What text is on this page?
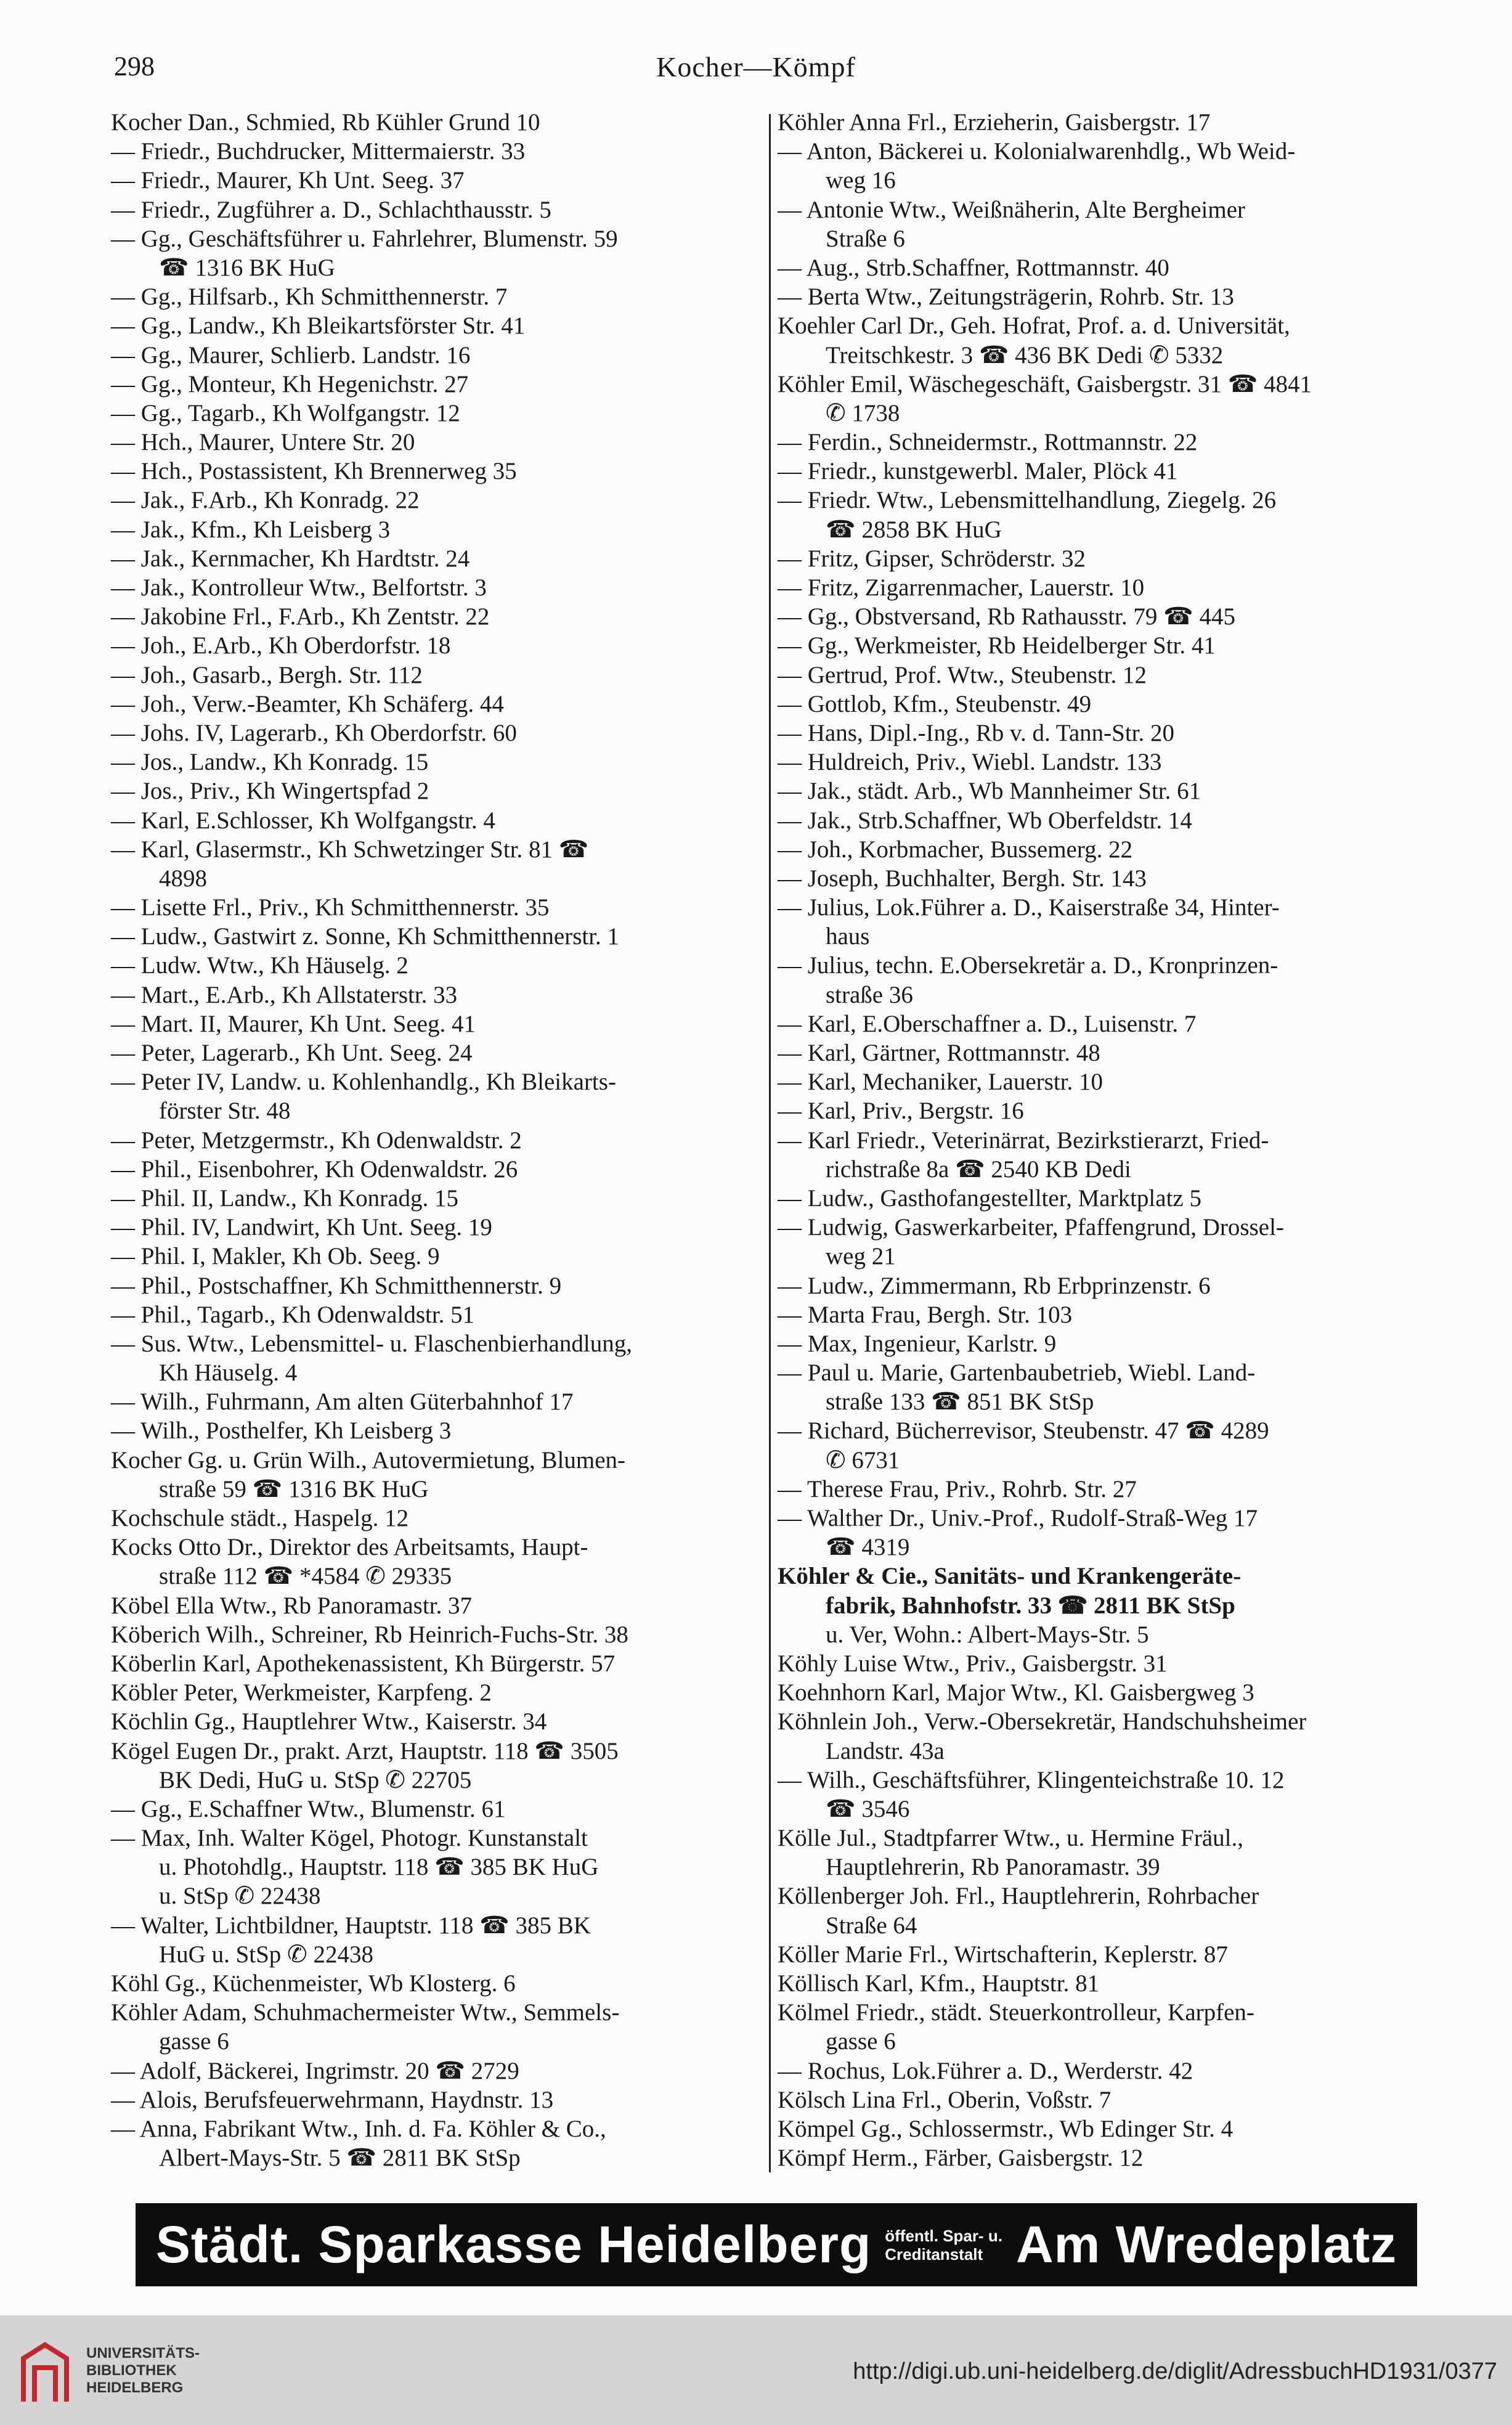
298	Kocher—Kömpf
Kocher Dan., Schmied, Rb Kühler Grund 10
— Friedr., Buchdrucker, Mittermaierstr. 33
— Friedr., Maurer, Kh Unt. Seeg. 37
— Friedr., Zugführer a. D., Schlachthausstr. 5
— Gg., Geschäftsführer u. Fahrlehrer, Blumenstr. 59
☎ 1316 BK HuG
— Gg., Hilfsarb., Kh Schmitthennerstr. 7
— Gg., Landw., Kh Bleikartsförster Str. 41
— Gg., Maurer, Schlierb. Landstr. 16
— Gg., Monteur, Kh Hegenichstr. 27
— Gg., Tagarb., Kh Wolfgangstr. 12
— Hch., Maurer, Untere Str. 20
— Hch., Postassistent, Kh Brennerweg 35
— Jak., F.Arb., Kh Konradg. 22
— Jak., Kfm., Kh Leisberg 3
— Jak., Kernmacher, Kh Hardtstr. 24
— Jak., Kontrolleur Wtw., Belfortstr. 3
— Jakobine Frl., F.Arb., Kh Zentstr. 22
— Joh., E.Arb., Kh Oberdorfstr. 18
— Joh., Gasarb., Bergh. Str. 112
— Joh., Verw.-Beamter, Kh Schäferg. 44
— Johs. IV, Lagerarb., Kh Oberdorfstr. 60
— Jos., Landw., Kh Konradg. 15
— Jos., Priv., Kh Wingertspfad 2
— Karl, E.Schlosser, Kh Wolfgangstr. 4
— Karl, Glasermstr., Kh Schwetzinger Str. 81 ☎
4898
— Lisette Frl., Priv., Kh Schmitthennerstr. 35
— Ludw., Gastwirt z. Sonne, Kh Schmitthennerstr. 1
— Ludw. Wtw., Kh Häuselg. 2
— Mart., E.Arb., Kh Allstaterstr. 33
— Mart. II, Maurer, Kh Unt. Seeg. 41
— Peter, Lagerarb., Kh Unt. Seeg. 24
— Peter IV, Landw. u. Kohlenhandlg., Kh Bleikarts-
förster Str. 48
— Peter, Metzgermstr., Kh Odenwaldstr. 2
— Phil., Eisenbohrer, Kh Odenwaldstr. 26
— Phil. II, Landw., Kh Konradg. 15
— Phil. IV, Landwirt, Kh Unt. Seeg. 19
— Phil. I, Makler, Kh Ob. Seeg. 9
— Phil., Postschaffner, Kh Schmitthennerstr. 9
— Phil., Tagarb., Kh Odenwaldstr. 51
— Sus. Wtw., Lebensmittel- u. Flaschenbierhandlung,
Kh Häuselg. 4
— Wilh., Fuhrmann, Am alten Güterbahnhof 17
— Wilh., Posthelfer, Kh Leisberg 3
Kocher Gg. u. Grün Wilh., Autovermietung, Blumen-
straße 59 ☎ 1316 BK HuG
Kochschule städt., Haspelg. 12
Kocks Otto Dr., Direktor des Arbeitsamts, Haupt-
straße 112 ☎ *4584 ✆ 29335
Köbel Ella Wtw., Rb Panoramastr. 37
Köberich Wilh., Schreiner, Rb Heinrich-Fuchs-Str. 38
Köberlin Karl, Apothekenassistent, Kh Bürgerstr. 57
Köbler Peter, Werkmeister, Karpfeng. 2
Köchlin Gg., Hauptlehrer Wtw., Kaiserstr. 34
Kögel Eugen Dr., prakt. Arzt, Hauptstr. 118 ☎ 3505
BK Dedi, HuG u. StSp ✆ 22705
— Gg., E.Schaffner Wtw., Blumenstr. 61
— Max, Inh. Walter Kögel, Photogr. Kunstanstalt
u. Photohdlg., Hauptstr. 118 ☎ 385 BK HuG
u. StSp ✆ 22438
— Walter, Lichtbildner, Hauptstr. 118 ☎ 385 BK
HuG u. StSp ✆ 22438
Köhl Gg., Küchenmeister, Wb Klosterg. 6
Köhler Adam, Schuhmachermeister Wtw., Semmels-
gasse 6
— Adolf, Bäckerei, Ingrimstr. 20 ☎ 2729
— Alois, Berufsfeuerwehrmann, Haydnstr. 13
— Anna, Fabrikant Wtw., Inh. d. Fa. Köhler & Co.,
Albert-Mays-Str. 5 ☎ 2811 BK StSp
Köhler Anna Frl., Erzieherin, Gaisbergstr. 17
— Anton, Bäckerei u. Kolonialwarenhdlg., Wb Weid-
weg 16
— Antonie Wtw., Weißnäherin, Alte Bergheimer
Straße 6
— Aug., Strb.Schaffner, Rottmannstr. 40
— Berta Wtw., Zeitungsträgerin, Rohrb. Str. 13
Koehler Carl Dr., Geh. Hofrat, Prof. a. d. Universität,
Treitschkestr. 3 ☎ 436 BK Dedi ✆ 5332
Köhler Emil, Wäschegeschäft, Gaisbergstr. 31 ☎ 4841
✆ 1738
— Ferdin., Schneidermstr., Rottmannstr. 22
— Friedr., kunstgewerbl. Maler, Plöck 41
— Friedr. Wtw., Lebensmittelhandlung, Ziegelg. 26
☎ 2858 BK HuG
— Fritz, Gipser, Schröderstr. 32
— Fritz, Zigarrenmacher, Lauerstr. 10
— Gg., Obstversand, Rb Rathausstr. 79 ☎ 445
— Gg., Werkmeister, Rb Heidelberger Str. 41
— Gertrud, Prof. Wtw., Steubenstr. 12
— Gottlob, Kfm., Steubenstr. 49
— Hans, Dipl.-Ing., Rb v. d. Tann-Str. 20
— Huldreich, Priv., Wiebl. Landstr. 133
— Jak., städt. Arb., Wb Mannheimer Str. 61
— Jak., Strb.Schaffner, Wb Oberfeldstr. 14
— Joh., Korbmacher, Bussemerg. 22
— Joseph, Buchhalter, Bergh. Str. 143
— Julius, Lok.Führer a. D., Kaiserstraße 34, Hinter-
haus
— Julius, techn. E.Obersekretär a. D., Kronprinzen-
straße 36
— Karl, E.Oberschaffner a. D., Luisenstr. 7
— Karl, Gärtner, Rottmannstr. 48
— Karl, Mechaniker, Lauerstr. 10
— Karl, Priv., Bergstr. 16
— Karl Friedr., Veterinärrat, Bezirkstierarzt, Fried-
richstraße 8a ☎ 2540 KB Dedi
— Ludw., Gasthofangestellter, Marktplatz 5
— Ludwig, Gaswerkarbeiter, Pfaffengrund, Drossel-
weg 21
— Ludw., Zimmermann, Rb Erbprinzenstr. 6
— Marta Frau, Bergh. Str. 103
— Max, Ingenieur, Karlstr. 9
— Paul u. Marie, Gartenbaubetrieb, Wiebl. Land-
straße 133 ☎ 851 BK StSp
— Richard, Bücherrevisor, Steubenstr. 47 ☎ 4289
✆ 6731
— Therese Frau, Priv., Rohrb. Str. 27
— Walther Dr., Univ.-Prof., Rudolf-Straß-Weg 17
☎ 4319
Köhler & Cie., Sanitäts- und Krankengeräte-
fabrik, Bahnhofstr. 33 ☎ 2811 BK StSp
u. Ver, Wohn.: Albert-Mays-Str. 5
Köhly Luise Wtw., Priv., Gaisbergstr. 31
Koehnhorn Karl, Major Wtw., Kl. Gaisbergweg 3
Köhnlein Joh., Verw.-Obersekretär, Handschuhsheimer
Landstr. 43a
— Wilh., Geschäftsführer, Klingenteichstraße 10. 12
☎ 3546
Kölle Jul., Stadtpfarrer Wtw., u. Hermine Fräul.,
Hauptlehrerin, Rb Panoramastr. 39
Köllenberger Joh. Frl., Hauptlehrerin, Rohrbacher
Straße 64
Köller Marie Frl., Wirtschafterin, Keplerstr. 87
Köllisch Karl, Kfm., Hauptstr. 81
Kölmel Friedr., städt. Steuerkontrolleur, Karpfen-
gasse 6
— Rochus, Lok.Führer a. D., Werderstr. 42
Kölsch Lina Frl., Oberin, Voßstr. 7
Kömpel Gg., Schlossermstr., Wb Edinger Str. 4
Kömpf Herm., Färber, Gaisbergstr. 12
Städt. Sparkasse Heidelberg öffentl. Spar- u.
Creditanstalt Am Wredeplatz
UNIVERSITÄTS-
BIBLIOTHEK
HEIDELBERG
http://digi.ub.uni-heidelberg.de/diglit/AdressbuchHD1931/0377
